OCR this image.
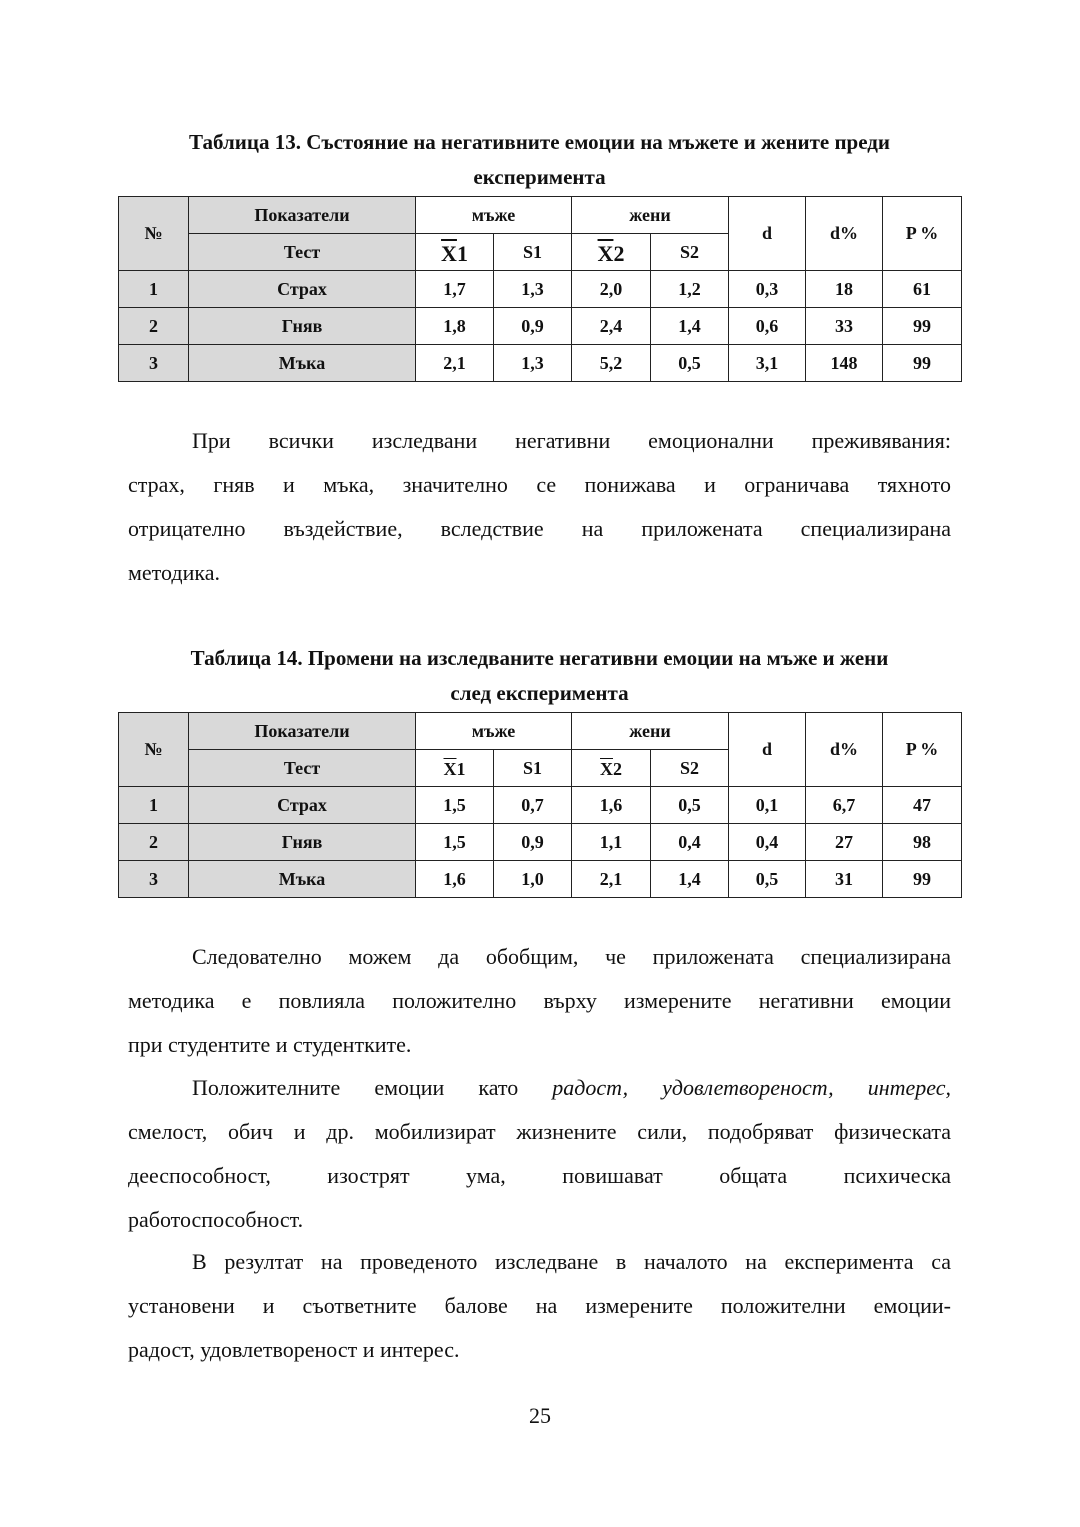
Таблица 13. Състояние на негативните емоции на мъжете и жените преди
експеримента
№	Показатели	мъже		жени		d	d%	P %
	Тест	$\overline{X}1$	S1	$\overline{X}2$	S2			
1	Страх	1,7	1,3	2,0	1,2	0,3	18	61
2	Гняв	1,8	0,9	2,4	1,4	0,6	33	99
3	Мъка	2,1	1,3	5,2	0,5	3,1	148	99
При всички изследвани негативни емоционални преживявания:
страх, гняв и мъка, значително се понижава и ограничава тяхното
отрицателно въздействие, вследствие на приложената специализирана
методика.
Таблица 14. Промени на изследваните негативни емоции на мъже и жени
след експеримента
№	Показатели	мъже		жени		d	d%	P %
	Тест	$\overline{X}1$	S1	$\overline{X}2$	S2			
1	Страх	1,5	0,7	1,6	0,5	0,1	6,7	47
2	Гняв	1,5	0,9	1,1	0,4	0,4	27	98
3	Мъка	1,6	1,0	2,1	1,4	0,5	31	99
Следователно можем да обобщим, че приложената специализирана
методика е повлияла положително върху измерените негативни емоции
при студентите и студентките.
Положителните емоции като радост, удовлетвореност, интерес,
смелост, обич и др. мобилизират жизнените сили, подобряват физическата
дееспособност, изострят ума, повишават общата психическа
работоспособност.
В резултат на проведеното изследване в началото на експеримента са
установени и съответните балове на измерените положителни емоции-
радост, удовлетвореност и интерес.
25
